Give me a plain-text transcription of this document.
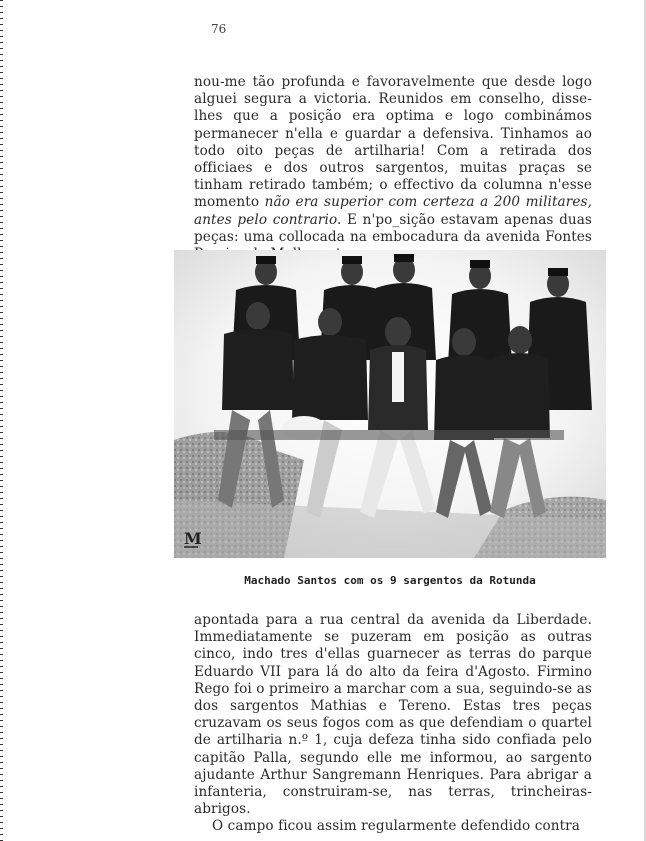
76
nou-me tão profunda e favoravelmente que desde logo alguei segura a victoria. Reunidos em conselho, disse-lhes que a posição era optima e logo combinámos permanecer n'ella e guardar a defensiva. Tinhamos ao todo oito peças de artilharia! Com a retirada dos officiaes e dos outros sargentos, muitas praças se tinham retirado também; o effectivo da columna n'esse momento não era superior com certeza a 200 militares, antes pelo contrario. E n'po_sição estavam apenas duas peças: uma collocada na embocadura da avenida Fontes
M
Machado Santos com os 9 sargentos da Rotunda
apontada para a rua central da avenida da Liberdade. Immediatamente se puzeram em posição as outras cinco, indo tres d'ellas guarnecer as terras do parque Eduardo VII para lá do alto da feira d'Agosto. Firmino Rego foi o primeiro a marchar com a sua, seguindo-se as dos sargentos Mathias e Tereno. Estas tres peças cruzavam os seus fogos com as que defendiam o quartel de artilharia n.º 1, cuja defeza tinha sido confiada pelo capitão Palla, segundo elle me informou, ao sargento ajudante Arthur Sangremann Henriques. Para abrigar a infanteria, construiram-se, nas terras, trincheiras-abrigos.
O campo ficou assim regularmente defendido contra
